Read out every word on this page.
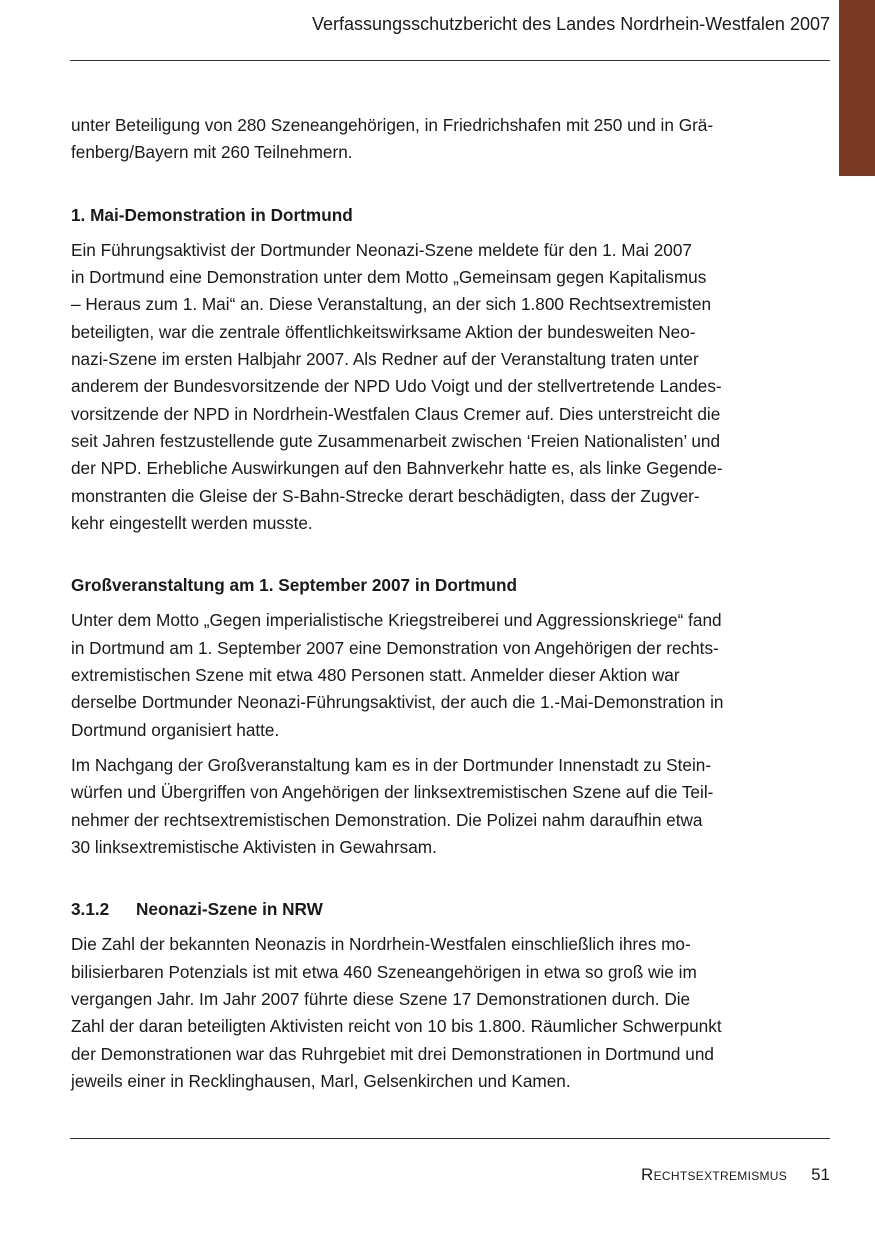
Verfassungsschutzbericht des Landes Nordrhein-Westfalen 2007

unter Beteiligung von 280 Szeneangehörigen, in Friedrichshafen mit 250 und in Grä-
fenberg/Bayern mit 260 Teilnehmern.

1. Mai-Demonstration in Dortmund

Ein Führungsaktivist der Dortmunder Neonazi-Szene meldete für den 1. Mai 2007
in Dortmund eine Demonstration unter dem Motto „Gemeinsam gegen Kapitalismus
– Heraus zum 1. Mai“ an. Diese Veranstaltung, an der sich 1.800 Rechtsextremisten
beteiligten, war die zentrale öffentlichkeitswirksame Aktion der bundesweiten Neo-
nazi-Szene im ersten Halbjahr 2007. Als Redner auf der Veranstaltung traten unter
anderem der Bundesvorsitzende der NPD Udo Voigt und der stellvertretende Landes-
vorsitzende der NPD in Nordrhein-Westfalen Claus Cremer auf. Dies unterstreicht die
seit Jahren festzustellende gute Zusammenarbeit zwischen ‘Freien Nationalisten’ und
der NPD. Erhebliche Auswirkungen auf den Bahnverkehr hatte es, als linke Gegende-
monstranten die Gleise der S-Bahn-Strecke derart beschädigten, dass der Zugver-
kehr eingestellt werden musste.

Großveranstaltung am 1. September 2007 in Dortmund

Unter dem Motto „Gegen imperialistische Kriegstreiberei und Aggressionskriege“ fand
in Dortmund am 1. September 2007 eine Demonstration von Angehörigen der rechts-
extremistischen Szene mit etwa 480 Personen statt. Anmelder dieser Aktion war
derselbe Dortmunder Neonazi-Führungsaktivist, der auch die 1.-Mai-Demonstration in
Dortmund organisiert hatte.

Im Nachgang der Großveranstaltung kam es in der Dortmunder Innenstadt zu Stein-
würfen und Übergriffen von Angehörigen der linksextremistischen Szene auf die Teil-
nehmer der rechtsextremistischen Demonstration. Die Polizei nahm daraufhin etwa
30 linksextremistische Aktivisten in Gewahrsam.

3.1.2 Neonazi-Szene in NRW

Die Zahl der bekannten Neonazis in Nordrhein-Westfalen einschließlich ihres mo-
bilisierbaren Potenzials ist mit etwa 460 Szeneangehörigen in etwa so groß wie im
vergangen Jahr. Im Jahr 2007 führte diese Szene 17 Demonstrationen durch. Die
Zahl der daran beteiligten Aktivisten reicht von 10 bis 1.800. Räumlicher Schwerpunkt
der Demonstrationen war das Ruhrgebiet mit drei Demonstrationen in Dortmund und
jeweils einer in Recklinghausen, Marl, Gelsenkirchen und Kamen.

Rechtsextremismus 51
